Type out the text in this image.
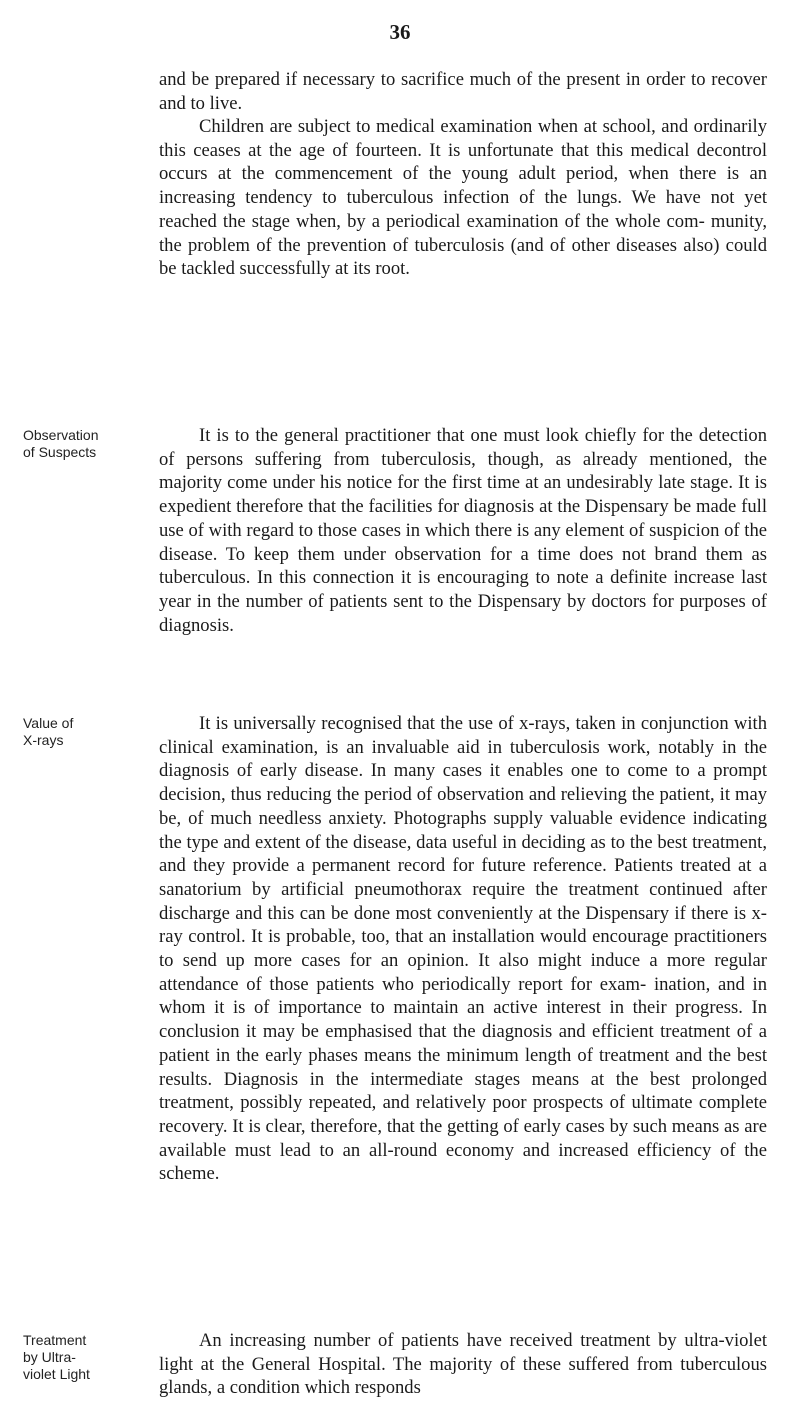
36

and be prepared if necessary to sacrifice much of the present in order to recover and to live.

Children are subject to medical examination when at school, and ordinarily this ceases at the age of fourteen. It is unfortunate that this medical decontrol occurs at the commencement of the young adult period, when there is an increasing tendency to tuberculous infection of the lungs. We have not yet reached the stage when, by a periodical examination of the whole com- munity, the problem of the prevention of tuberculosis (and of other diseases also) could be tackled successfully at its root.

Observation
of Suspects

It is to the general practitioner that one must look chiefly for the detection of persons suffering from tuberculosis, though, as already mentioned, the majority come under his notice for the first time at an undesirably late stage. It is expedient therefore that the facilities for diagnosis at the Dispensary be made full use of with regard to those cases in which there is any element of suspicion of the disease. To keep them under observation for a time does not brand them as tuberculous. In this connection it is encouraging to note a definite increase last year in the number of patients sent to the Dispensary by doctors for purposes of diagnosis.

Value of
X-rays

It is universally recognised that the use of x-rays, taken in conjunction with clinical examination, is an invaluable aid in tuberculosis work, notably in the diagnosis of early disease. In many cases it enables one to come to a prompt decision, thus reducing the period of observation and relieving the patient, it may be, of much needless anxiety. Photographs supply valuable evidence indicating the type and extent of the disease, data useful in deciding as to the best treatment, and they provide a permanent record for future reference. Patients treated at a sanatorium by artificial pneumothorax require the treatment continued after discharge and this can be done most conveniently at the Dispensary if there is x-ray control. It is probable, too, that an installation would encourage practitioners to send up more cases for an opinion. It also might induce a more regular attendance of those patients who periodically report for exam- ination, and in whom it is of importance to maintain an active interest in their progress. In conclusion it may be emphasised that the diagnosis and efficient treatment of a patient in the early phases means the minimum length of treatment and the best results. Diagnosis in the intermediate stages means at the best prolonged treatment, possibly repeated, and relatively poor prospects of ultimate complete recovery. It is clear, therefore, that the getting of early cases by such means as are available must lead to an all-round economy and increased efficiency of the scheme.

Treatment
by Ultra-
violet Light

An increasing number of patients have received treatment by ultra-violet light at the General Hospital. The majority of these suffered from tuberculous glands, a condition which responds
